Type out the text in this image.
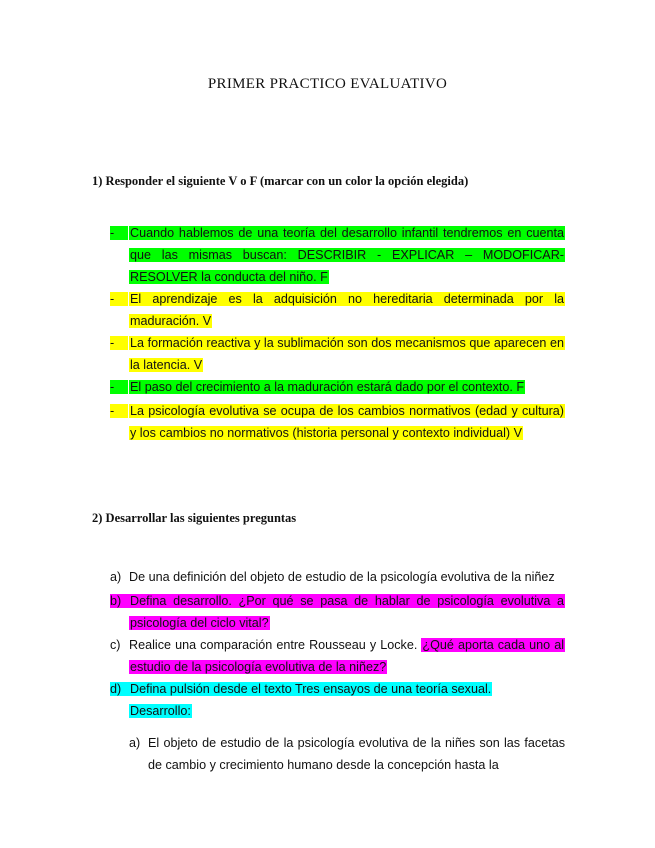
PRIMER PRACTICO EVALUATIVO
1) Responder el siguiente V o F (marcar con un color la opción elegida)
-	Cuando hablemos de una teoría del desarrollo infantil tendremos en cuenta que las mismas buscan: DESCRIBIR - EXPLICAR – MODOFICAR-RESOLVER la conducta del niño. F

-	El aprendizaje es la adquisición no hereditaria determinada por la maduración. V

-	La formación reactiva y la sublimación son dos mecanismos que aparecen en la latencia. V

-	El paso del crecimiento a la maduración estará dado por el contexto. F

-	La psicología evolutiva se ocupa de los cambios normativos (edad y cultura) y los cambios no normativos (historia personal y contexto individual) V

2) Desarrollar las siguientes preguntas
a) De una definición del objeto de estudio de la psicología evolutiva de la niñez

b) Defina desarrollo. ¿Por qué se pasa de hablar de psicología evolutiva a psicología del ciclo vital?

c) Realice una comparación entre Rousseau y Locke. ¿Qué aporta cada uno al estudio de la psicología evolutiva de la niñez?

d) Defina pulsión desde el texto Tres ensayos de una teoría sexual.

Desarrollo:

a) El objeto de estudio de la psicología evolutiva de la niñes son las facetas de cambio y crecimiento humano desde la concepción hasta la
